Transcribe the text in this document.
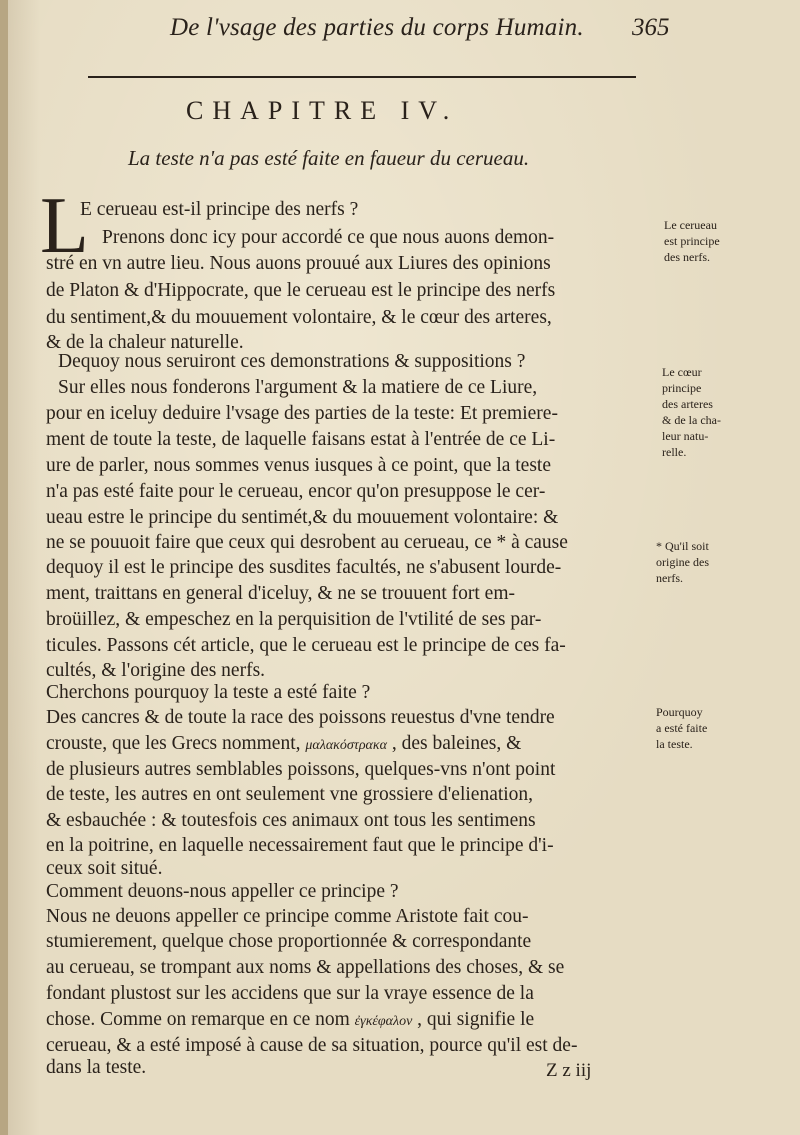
De l'vsage des parties du corps Humain. 365
CHAPITRE IV.
La teste n'a pas esté faite en faueur du cerueau.
L
E cerueau est-il principe des nerfs ?
Prenons donc icy pour accordé ce que nous auons demon-
stré en vn autre lieu. Nous auons prouué aux Liures des opinions
de Platon & d'Hippocrate, que le cerueau est le principe des nerfs
du sentiment,& du mouuement volontaire, & le cœur des arteres,
& de la chaleur naturelle.
Dequoy nous seruiront ces demonstrations & suppositions ?
Sur elles nous fonderons l'argument & la matiere de ce Liure,
pour en iceluy deduire l'vsage des parties de la teste: Et premiere-
ment de toute la teste, de laquelle faisans estat à l'entrée de ce Li-
ure de parler, nous sommes venus iusques à ce point, que la teste
n'a pas esté faite pour le cerueau, encor qu'on presuppose le cer-
ueau estre le principe du sentimét,& du mouuement volontaire: &
ne se pouuoit faire que ceux qui desrobent au cerueau, ce * à cause
dequoy il est le principe des susdites facultés, ne s'abusent lourde-
ment, traittans en general d'iceluy, & ne se trouuent fort em-
broüillez, & empeschez en la perquisition de l'vtilité de ses par-
ticules. Passons cét article, que le cerueau est le principe de ces fa-
cultés, & l'origine des nerfs.
Cherchons pourquoy la teste a esté faite ?
Des cancres & de toute la race des poissons reuestus d'vne tendre
crouste, que les Grecs nomment, μαλακόστρακα , des baleines, &
de plusieurs autres semblables poissons, quelques-vns n'ont point
de teste, les autres en ont seulement vne grossiere d'elienation,
& esbauchée : & toutesfois ces animaux ont tous les sentimens
en la poitrine, en laquelle necessairement faut que le principe d'i-
ceux soit situé.
Comment deuons-nous appeller ce principe ?
Nous ne deuons appeller ce principe comme Aristote fait cou-
stumierement, quelque chose proportionnée & correspondante
au cerueau, se trompant aux noms & appellations des choses, & se
fondant plustost sur les accidens que sur la vraye essence de la
chose. Comme on remarque en ce nom ἐγκέφαλον , qui signifie le
cerueau, & a esté imposé à cause de sa situation, pource qu'il est de-
dans la teste.
Le cerueau
est principe
des nerfs.
Le cœur
principe
des arteres
& de la cha-
leur natu-
relle.
* Qu'il soit
origine des
nerfs.
Pourquoy
a esté faite
la teste.
Z z iij
